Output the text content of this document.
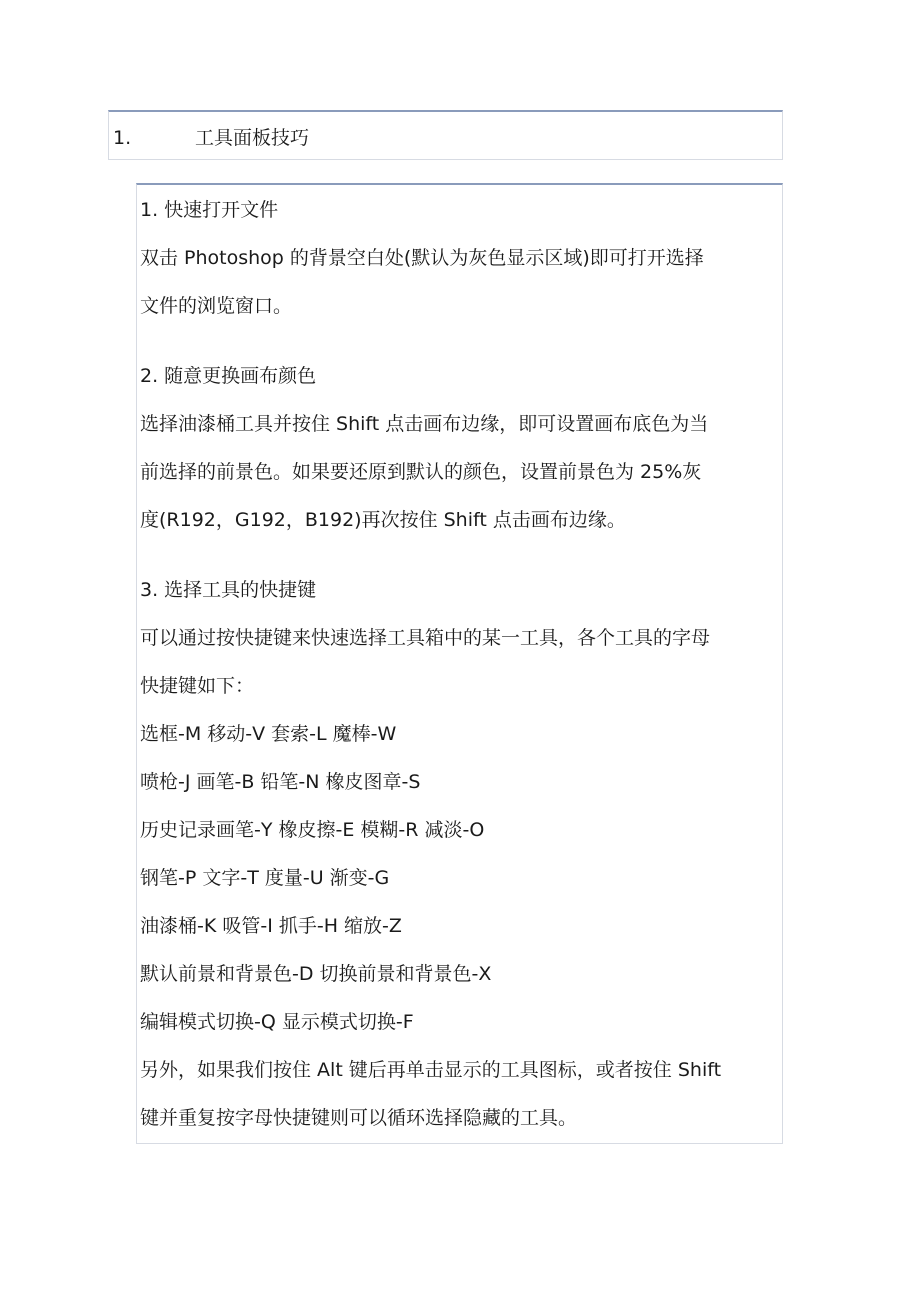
1.	工具面板技巧
1. 快速打开文件
双击 Photoshop 的背景空白处(默认为灰色显示区域)即可打开选择
文件的浏览窗口。
2. 随意更换画布颜色
选择油漆桶工具并按住 Shift 点击画布边缘，即可设置画布底色为当
前选择的前景色。如果要还原到默认的颜色，设置前景色为 25%灰
度(R192，G192，B192)再次按住 Shift 点击画布边缘。
3. 选择工具的快捷键
可以通过按快捷键来快速选择工具箱中的某一工具，各个工具的字母
快捷键如下：
选框-M 移动-V 套索-L 魔棒-W
喷枪-J 画笔-B 铅笔-N 橡皮图章-S
历史记录画笔-Y 橡皮擦-E 模糊-R 减淡-O
钢笔-P 文字-T 度量-U 渐变-G
油漆桶-K 吸管-I 抓手-H 缩放-Z
默认前景和背景色-D 切换前景和背景色-X
编辑模式切换-Q 显示模式切换-F
另外，如果我们按住 Alt 键后再单击显示的工具图标，或者按住 Shift
键并重复按字母快捷键则可以循环选择隐藏的工具。
